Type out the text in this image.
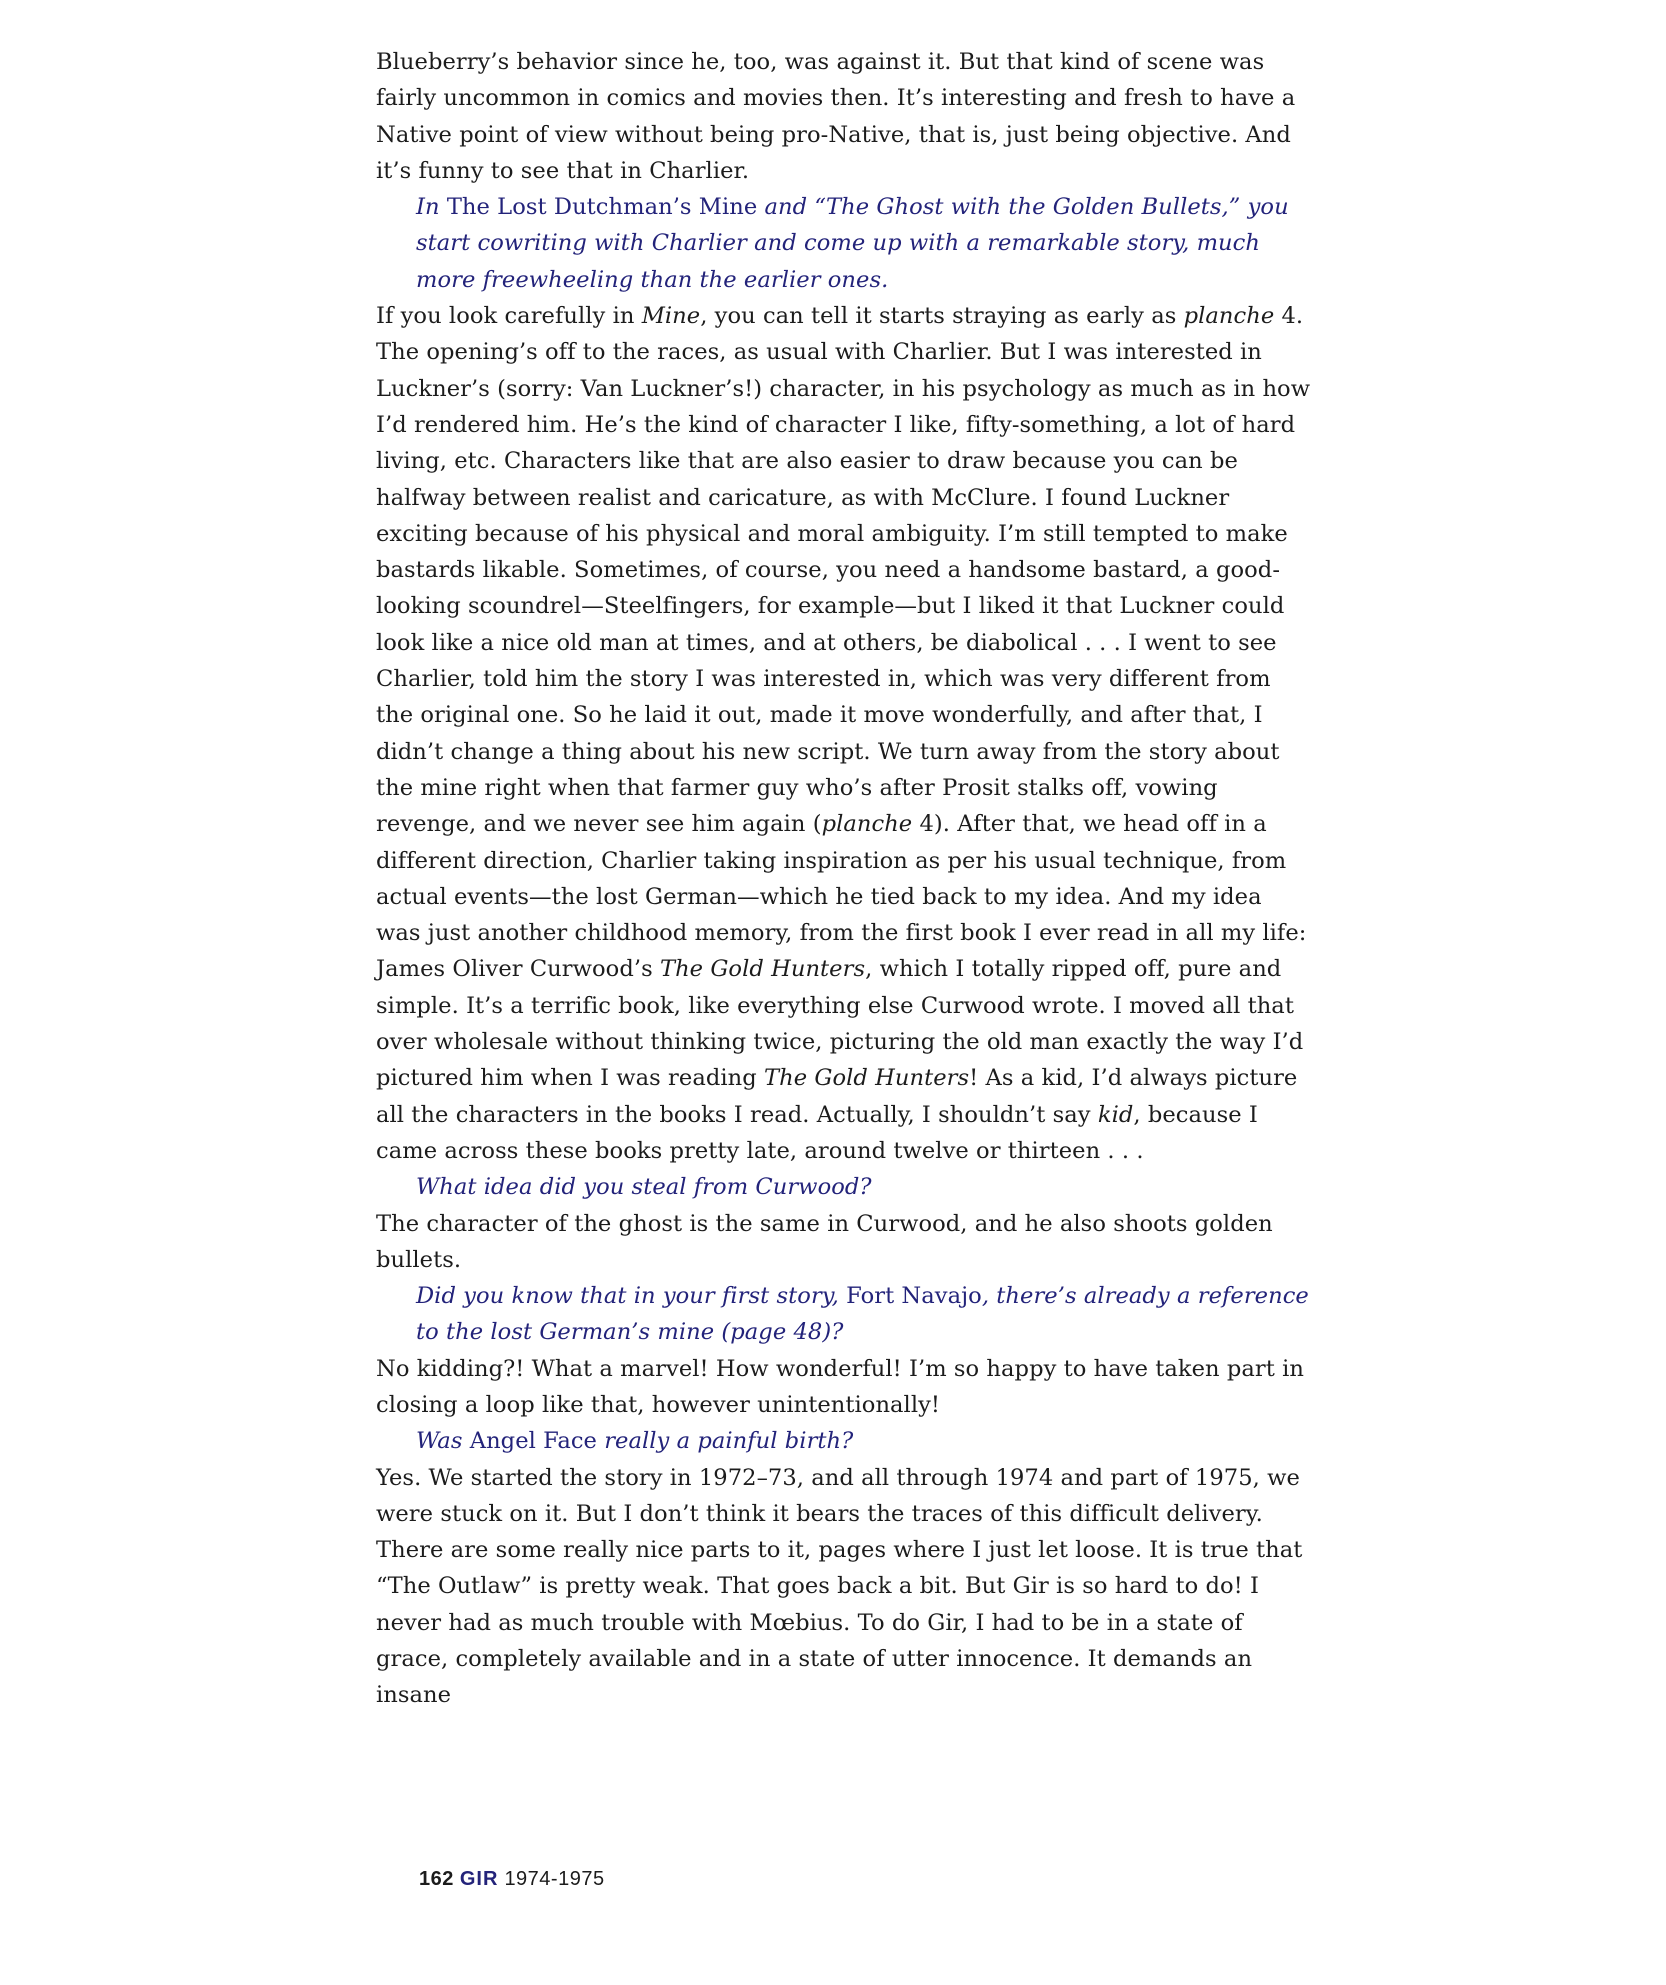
Blueberry’s behavior since he, too, was against it. But that kind of scene was fairly uncommon in comics and movies then. It’s interesting and fresh to have a Native point of view without being pro-Native, that is, just being objective. And it’s funny to see that in Charlier.

In The Lost Dutchman’s Mine and “The Ghost with the Golden Bullets,” you start cowriting with Charlier and come up with a remarkable story, much more freewheeling than the earlier ones.

If you look carefully in Mine, you can tell it starts straying as early as planche 4. The opening’s off to the races, as usual with Charlier. But I was interested in Luckner’s (sorry: Van Luckner’s!) character, in his psychology as much as in how I’d rendered him. He’s the kind of character I like, fifty-something, a lot of hard living, etc. Characters like that are also easier to draw because you can be halfway between realist and caricature, as with McClure. I found Luckner exciting because of his physical and moral ambiguity. I’m still tempted to make bastards likable. Sometimes, of course, you need a handsome bastard, a good-looking scoundrel—Steelfingers, for example—but I liked it that Luckner could look like a nice old man at times, and at others, be diabolical . . . I went to see Charlier, told him the story I was interested in, which was very different from the original one. So he laid it out, made it move wonderfully, and after that, I didn’t change a thing about his new script. We turn away from the story about the mine right when that farmer guy who’s after Prosit stalks off, vowing revenge, and we never see him again (planche 4). After that, we head off in a different direction, Charlier taking inspiration as per his usual technique, from actual events—the lost German—which he tied back to my idea. And my idea was just another childhood memory, from the first book I ever read in all my life: James Oliver Curwood’s The Gold Hunters, which I totally ripped off, pure and simple. It’s a terrific book, like everything else Curwood wrote. I moved all that over wholesale without thinking twice, picturing the old man exactly the way I’d pictured him when I was reading The Gold Hunters! As a kid, I’d always picture all the characters in the books I read. Actually, I shouldn’t say kid, because I came across these books pretty late, around twelve or thirteen . . .

What idea did you steal from Curwood?

The character of the ghost is the same in Curwood, and he also shoots golden bullets.

Did you know that in your first story, Fort Navajo, there’s already a reference to the lost German’s mine (page 48)?

No kidding?! What a marvel! How wonderful! I’m so happy to have taken part in closing a loop like that, however unintentionally!

Was Angel Face really a painful birth?

Yes. We started the story in 1972–73, and all through 1974 and part of 1975, we were stuck on it. But I don’t think it bears the traces of this difficult delivery. There are some really nice parts to it, pages where I just let loose. It is true that “The Outlaw” is pretty weak. That goes back a bit. But Gir is so hard to do! I never had as much trouble with Mœbius. To do Gir, I had to be in a state of grace, completely available and in a state of utter innocence. It demands an insane

162 GIR 1974-1975
